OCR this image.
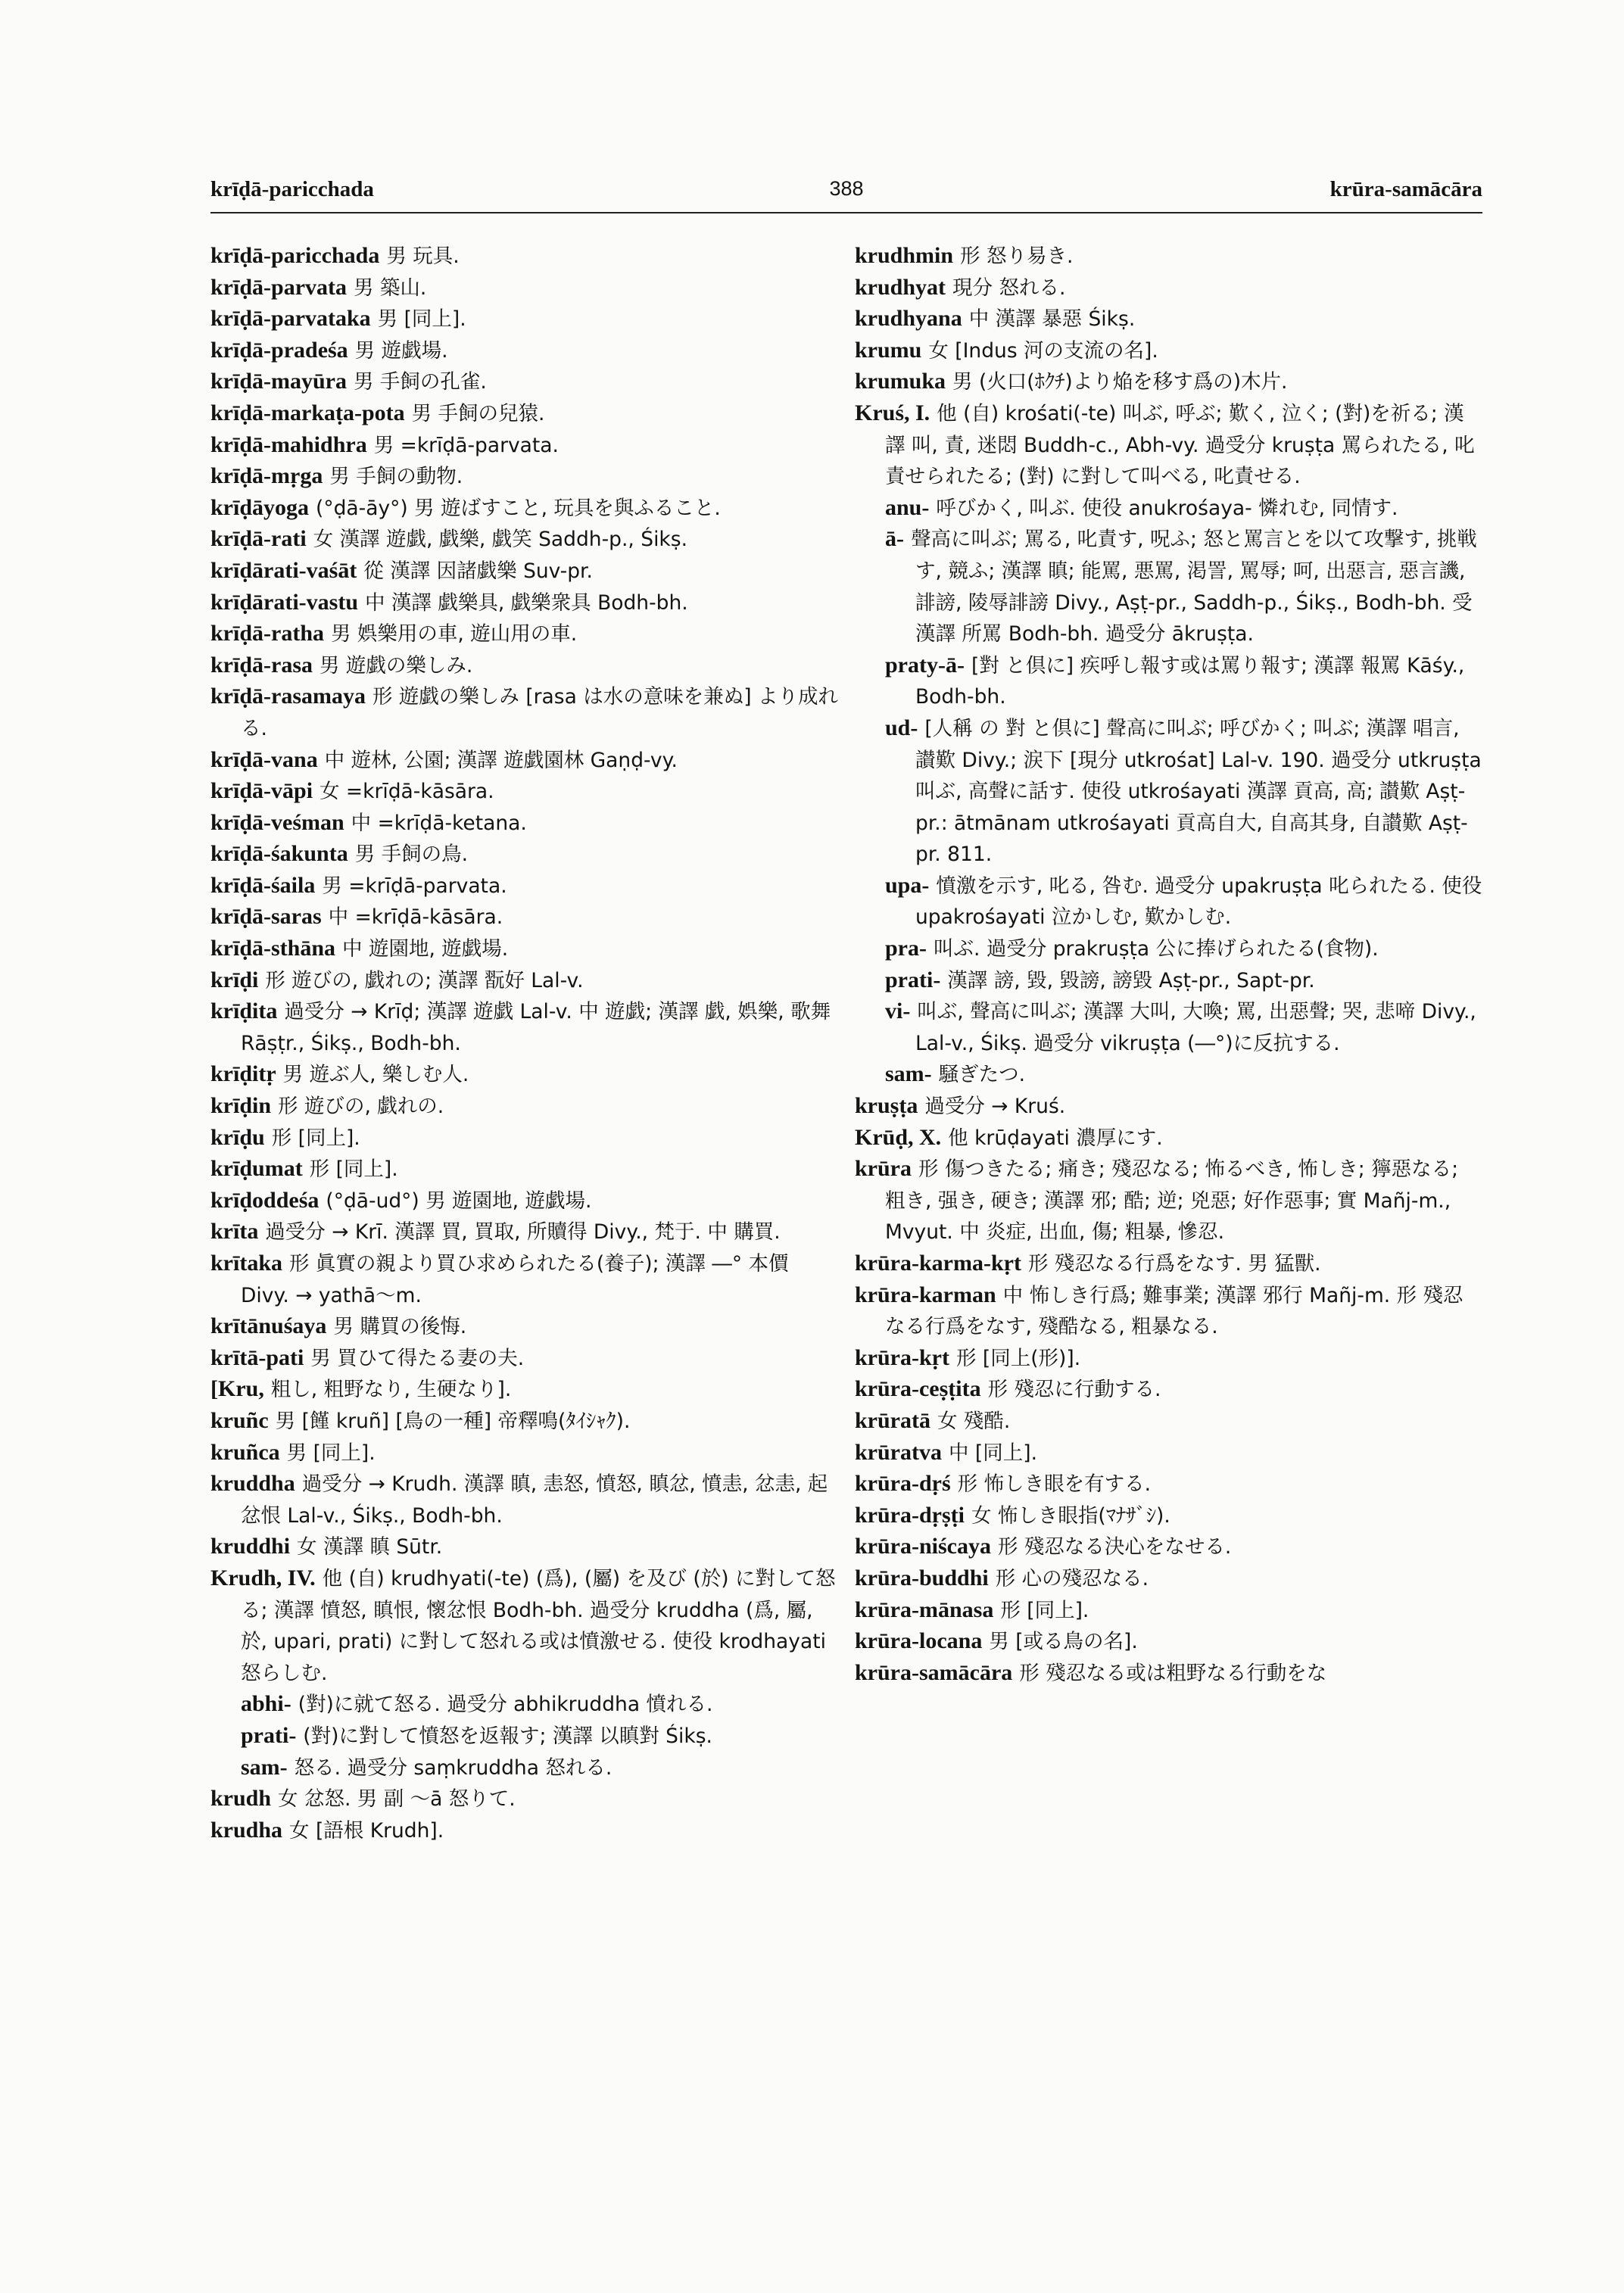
krīḍā-paricchada	388	krūra-samācāra

krīḍā-paricchada 男 玩具.

krīḍā-parvata 男 築山.

krīḍā-parvataka 男 [同上].

krīḍā-pradeśa 男 遊戯場.

krīḍā-mayūra 男 手飼の孔雀.

krīḍā-markaṭa-pota 男 手飼の兒猿.

krīḍā-mahidhra 男 =krīḍā-parvata.

krīḍā-mṛga 男 手飼の動物.

krīḍāyoga (°ḍā-āy°) 男 遊ばすこと, 玩具を與ふること.

krīḍā-rati 女 漢譯 遊戯, 戯樂, 戯笑 Saddh-p., Śikṣ.

krīḍārati-vaśāt 從 漢譯 因諸戯樂 Suv-pr.

krīḍārati-vastu 中 漢譯 戯樂具, 戯樂衆具 Bodh-bh.

krīḍā-ratha 男 娯樂用の車, 遊山用の車.

krīḍā-rasa 男 遊戯の樂しみ.

krīḍā-rasamaya 形 遊戯の樂しみ [rasa は水の意味を兼ぬ] より成れる.

krīḍā-vana 中 遊林, 公園; 漢譯 遊戯園林 Gaṇḍ-vy.

krīḍā-vāpi 女 =krīḍā-kāsāra.

krīḍā-veśman 中 =krīḍā-ketana.

krīḍā-śakunta 男 手飼の鳥.

krīḍā-śaila 男 =krīḍā-parvata.

krīḍā-saras 中 =krīḍā-kāsāra.

krīḍā-sthāna 中 遊園地, 遊戯場.

krīḍi 形 遊びの, 戯れの; 漢譯 翫好 Lal-v.

krīḍita 過受分 → Krīḍ; 漢譯 遊戯 Lal-v. 中 遊戯; 漢譯 戯, 娯樂, 歌舞 Rāṣṭr., Śikṣ., Bodh-bh.

krīḍitṛ 男 遊ぶ人, 樂しむ人.

krīḍin 形 遊びの, 戯れの.

krīḍu 形 [同上].

krīḍumat 形 [同上].

krīḍoddeśa (°ḍā-ud°) 男 遊園地, 遊戯場.

krīta 過受分 → Krī. 漢譯 買, 買取, 所贖得 Divy., 梵于. 中 購買.

krītaka 形 眞實の親より買ひ求められたる(養子); 漢譯 ―° 本價 Divy. → yathā～m.

krītānuśaya 男 購買の後悔.

krītā-pati 男 買ひて得たる妻の夫.

[Kru, 粗し, 粗野なり, 生硬なり].

kruñc 男 [饉 kruñ] [鳥の一種] 帝釋鳴(ﾀｲｼｬｸ).

kruñca 男 [同上].

kruddha 過受分 → Krudh. 漢譯 瞋, 恚怒, 憤怒, 瞋忿, 憤恚, 忿恚, 起忿恨 Lal-v., Śikṣ., Bodh-bh.

kruddhi 女 漢譯 瞋 Sūtr.

Krudh, IV. 他 (自) krudhyati(-te) (爲), (屬) を及び (於) に對して怒る; 漢譯 憤怒, 瞋恨, 懷忿恨 Bodh-bh. 過受分 kruddha (爲, 屬, 於, upari, prati) に對して怒れる或は憤激せる. 使役 krodhayati 怒らしむ.

abhi- (對)に就て怒る. 過受分 abhikruddha 憤れる.

prati- (對)に對して憤怒を返報す; 漢譯 以瞋對 Śikṣ.

sam- 怒る. 過受分 saṃkruddha 怒れる.

krudh 女 忿怒. 男 副 ～ā 怒りて.

krudha 女 [語根 Krudh].

krudhmin 形 怒り易き.

krudhyat 現分 怒れる.

krudhyana 中 漢譯 暴惡 Śikṣ.

krumu 女 [Indus 河の支流の名].

krumuka 男 (火口(ﾎｸﾁ)より焔を移す爲の)木片.

Kruś, I. 他 (自) krośati(-te) 叫ぶ, 呼ぶ; 歎く, 泣く; (對)を祈る; 漢譯 叫, 責, 迷悶 Buddh-c., Abh-vy. 過受分 kruṣṭa 罵られたる, 叱責せられたる; (對) に對して叫べる, 叱責せる.

anu- 呼びかく, 叫ぶ. 使役 anukrośaya- 憐れむ, 同情す.

ā- 聲高に叫ぶ; 罵る, 叱責す, 呪ふ; 怒と罵言とを以て攻撃す, 挑戦す, 競ふ; 漢譯 瞋; 能罵, 悪罵, 渇詈, 罵辱; 呵, 出惡言, 惡言譏, 誹謗, 陵辱誹謗 Divy., Aṣṭ-pr., Saddh-p., Śikṣ., Bodh-bh. 受 漢譯 所罵 Bodh-bh. 過受分 ākruṣṭa.

praty-ā- [對 と倶に] 疾呼し報す或は罵り報す; 漢譯 報罵 Kāśy., Bodh-bh.

ud- [人稱 の 對 と倶に] 聲高に叫ぶ; 呼びかく; 叫ぶ; 漢譯 唱言, 讃歎 Divy.; 涙下 [現分 utkrośat] Lal-v. 190. 過受分 utkruṣṭa 叫ぶ, 高聲に話す. 使役 utkrośayati 漢譯 貢高, 高; 讃歎 Aṣṭ-pr.: ātmānam utkrośayati 貢高自大, 自高其身, 自讃歎 Aṣṭ-pr. 811.

upa- 憤激を示す, 叱る, 咎む. 過受分 upakruṣṭa 叱られたる. 使役 upakrośayati 泣かしむ, 歎かしむ.

pra- 叫ぶ. 過受分 prakruṣṭa 公に捧げられたる(食物).

prati- 漢譯 謗, 毀, 毀謗, 謗毀 Aṣṭ-pr., Sapt-pr.

vi- 叫ぶ, 聲高に叫ぶ; 漢譯 大叫, 大喚; 罵, 出惡聲; 哭, 悲啼 Divy., Lal-v., Śikṣ. 過受分 vikruṣṭa (―°)に反抗する.

sam- 騒ぎたつ.

kruṣṭa 過受分 → Kruś.

Krūḍ, X. 他 krūḍayati 濃厚にす.

krūra 形 傷つきたる; 痛き; 殘忍なる; 怖るべき, 怖しき; 獰惡なる; 粗き, 强き, 硬き; 漢譯 邪; 酷; 逆; 兇惡; 好作惡事; 實 Mañj-m., Mvyut. 中 炎症, 出血, 傷; 粗暴, 慘忍.

krūra-karma-kṛt 形 殘忍なる行爲をなす. 男 猛獸.

krūra-karman 中 怖しき行爲; 難事業; 漢譯 邪行 Mañj-m. 形 殘忍なる行爲をなす, 殘酷なる, 粗暴なる.

krūra-kṛt 形 [同上(形)].

krūra-ceṣṭita 形 殘忍に行動する.

krūratā 女 殘酷.

krūratva 中 [同上].

krūra-dṛś 形 怖しき眼を有する.

krūra-dṛṣṭi 女 怖しき眼指(ﾏﾅｻﾞｼ).

krūra-niścaya 形 殘忍なる決心をなせる.

krūra-buddhi 形 心の殘忍なる.

krūra-mānasa 形 [同上].

krūra-locana 男 [或る鳥の名].

krūra-samācāra 形 殘忍なる或は粗野なる行動をな
